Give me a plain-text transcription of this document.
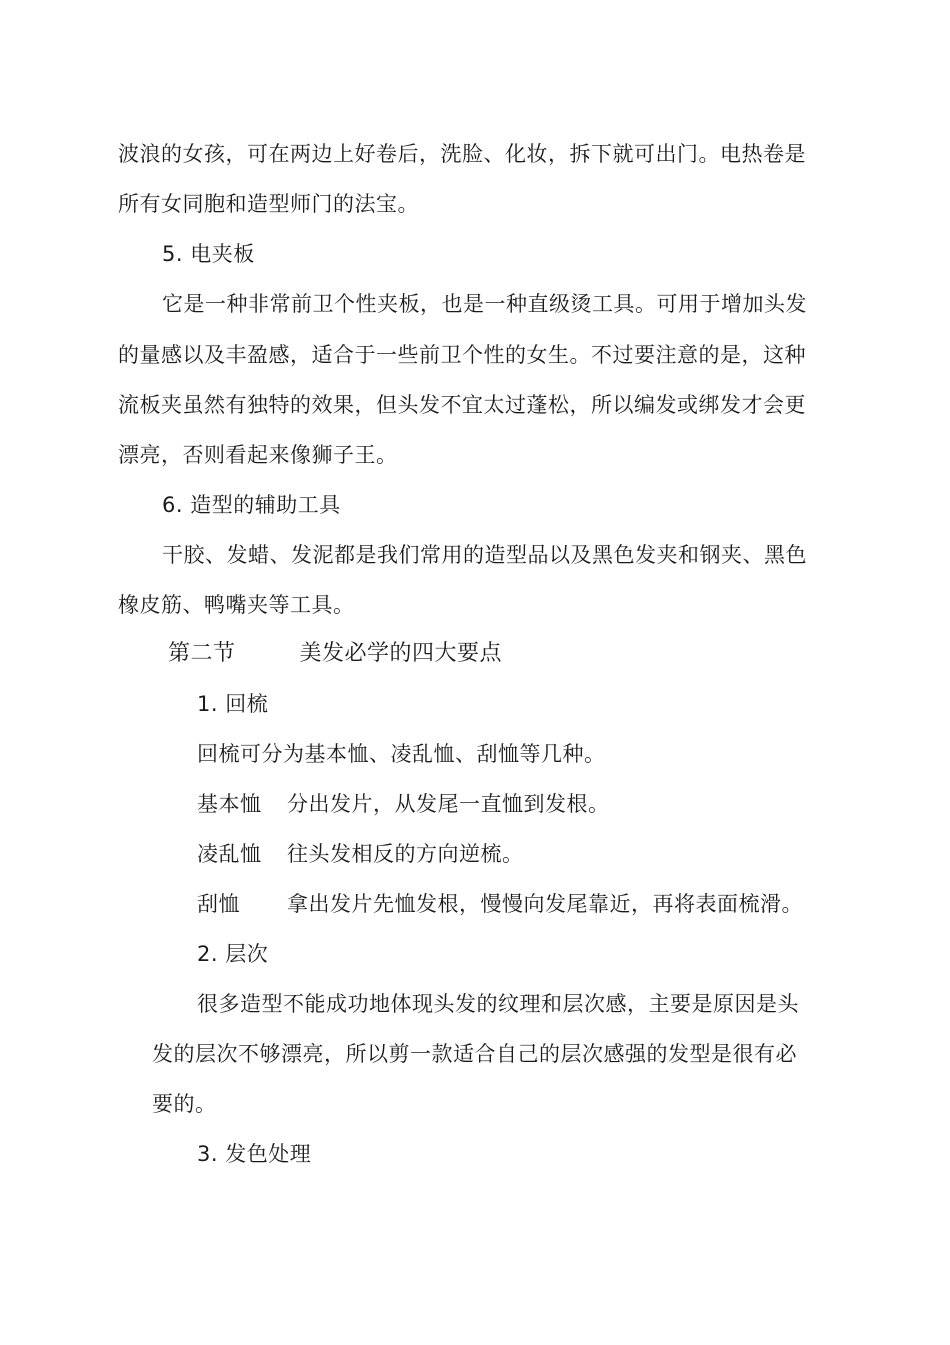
波浪的女孩，可在两边上好卷后，洗脸、化妆，拆下就可出门。电热卷是
所有女同胞和造型师门的法宝。
5. 电夹板
它是一种非常前卫个性夹板，也是一种直级烫工具。可用于增加头发
的量感以及丰盈感，适合于一些前卫个性的女生。不过要注意的是，这种
流板夹虽然有独特的效果，但头发不宜太过蓬松，所以编发或绑发才会更
漂亮，否则看起来像狮子王。
6. 造型的辅助工具
干胶、发蜡、发泥都是我们常用的造型品以及黑色发夹和钢夹、黑色
橡皮筋、鸭嘴夹等工具。
第二节	美发必学的四大要点
1. 回梳
回梳可分为基本恤、凌乱恤、刮恤等几种。
基本恤 分出发片，从发尾一直恤到发根。
凌乱恤 往头发相反的方向逆梳。
刮恤 拿出发片先恤发根，慢慢向发尾靠近，再将表面梳滑。
2. 层次
很多造型不能成功地体现头发的纹理和层次感，主要是原因是头
发的层次不够漂亮，所以剪一款适合自己的层次感强的发型是很有必
要的。
3. 发色处理
